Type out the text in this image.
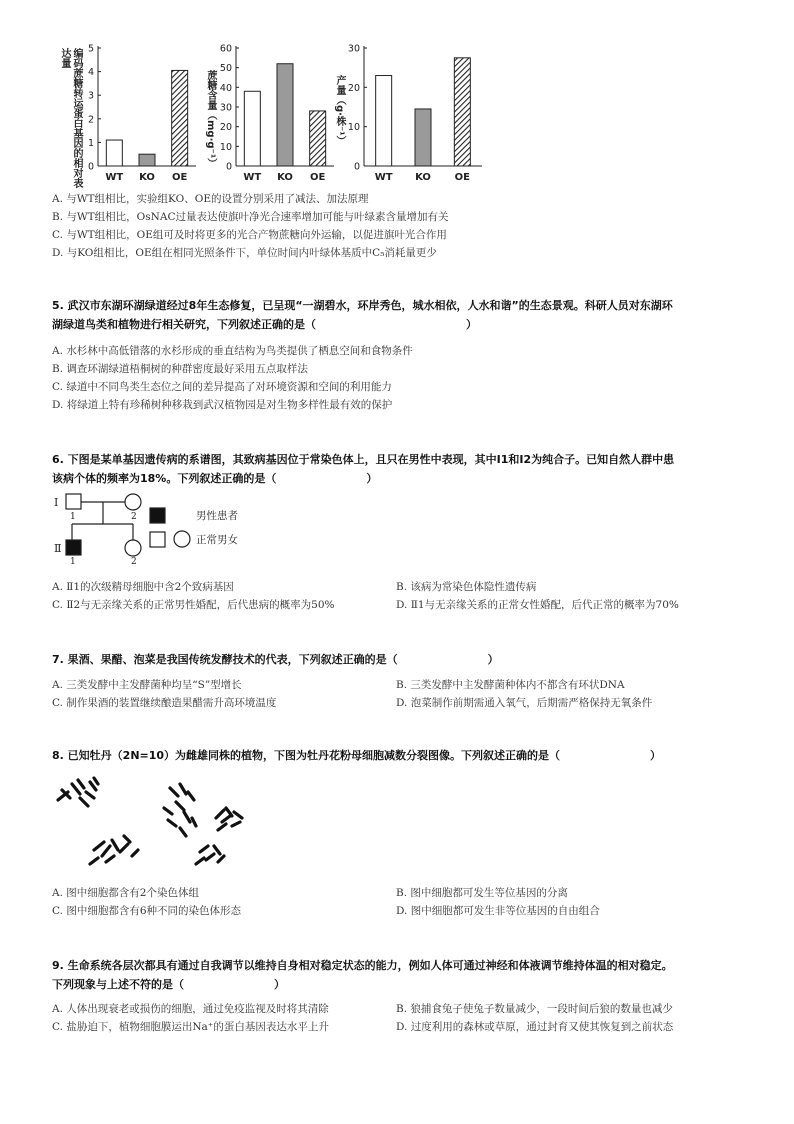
0
1
2
3
4
5
WT KO OE
0
10
20
30
40
50
60
WT KO OE
0
10
20
30
WT KO OE
编码蔗糖转运蛋白基因的相对表达量
蔗糖含量（mg·g⁻¹）	产量（g·株⁻¹）
A. 与WT组相比，实验组KO、OE的设置分别采用了减法、加法原理
B. 与WT组相比，OsNAC过量表达使旗叶净光合速率增加可能与叶绿素含量增加有关
C. 与WT组相比，OE组可及时将更多的光合产物蔗糖向外运输，以促进旗叶光合作用
D. 与KO组相比，OE组在相同光照条件下，单位时间内叶绿体基质中C₅消耗量更少
5. 武汉市东湖环湖绿道经过8年生态修复，已呈现“一湖碧水，环岸秀色，城水相依，人水和谐”的生态景观。科研人员对东湖环
湖绿道鸟类和植物进行相关研究，下列叙述正确的是（	）
A. 水杉林中高低错落的水杉形成的垂直结构为鸟类提供了栖息空间和食物条件
B. 调查环湖绿道梧桐树的种群密度最好采用五点取样法
C. 绿道中不同鸟类生态位之间的差异提高了对环境资源和空间的利用能力
D. 将绿道上特有珍稀树种移栽到武汉植物园是对生物多样性最有效的保护
6. 下图是某单基因遗传病的系谱图，其致病基因位于常染色体上，且只在男性中表现，其中Ⅰ1和Ⅰ2为纯合子。已知自然人群中患
该病个体的频率为18%。下列叙述正确的是（	）
Ⅰ
Ⅱ
1	2
1	2
男性患者
正常男女
A. Ⅱ1的次级精母细胞中含2个致病基因	B. 该病为常染色体隐性遗传病
C. Ⅱ2与无亲缘关系的正常男性婚配，后代患病的概率为50%	D. Ⅱ1与无亲缘关系的正常女性婚配，后代正常的概率为70%
7. 果酒、果醋、泡菜是我国传统发酵技术的代表，下列叙述正确的是（	）
A. 三类发酵中主发酵菌种均呈“S”型增长	B. 三类发酵中主发酵菌种体内不都含有环状DNA
C. 制作果酒的装置继续酿造果醋需升高环境温度	D. 泡菜制作前期需通入氧气，后期需严格保持无氧条件
8. 已知牡丹（2N=10）为雌雄同株的植物，下图为牡丹花粉母细胞减数分裂图像。下列叙述正确的是（	）
A. 图中细胞都含有2个染色体组	B. 图中细胞都可发生等位基因的分离
C. 图中细胞都含有6种不同的染色体形态	D. 图中细胞都可发生非等位基因的自由组合
9. 生命系统各层次都具有通过自我调节以维持自身相对稳定状态的能力，例如人体可通过神经和体液调节维持体温的相对稳定。
下列现象与上述不符的是（	）
A. 人体出现衰老或损伤的细胞，通过免疫监视及时将其清除	B. 狼捕食兔子使兔子数量减少，一段时间后狼的数量也减少
C. 盐胁迫下，植物细胞膜运出Na⁺的蛋白基因表达水平上升	D. 过度利用的森林或草原，通过封育又使其恢复到之前状态
